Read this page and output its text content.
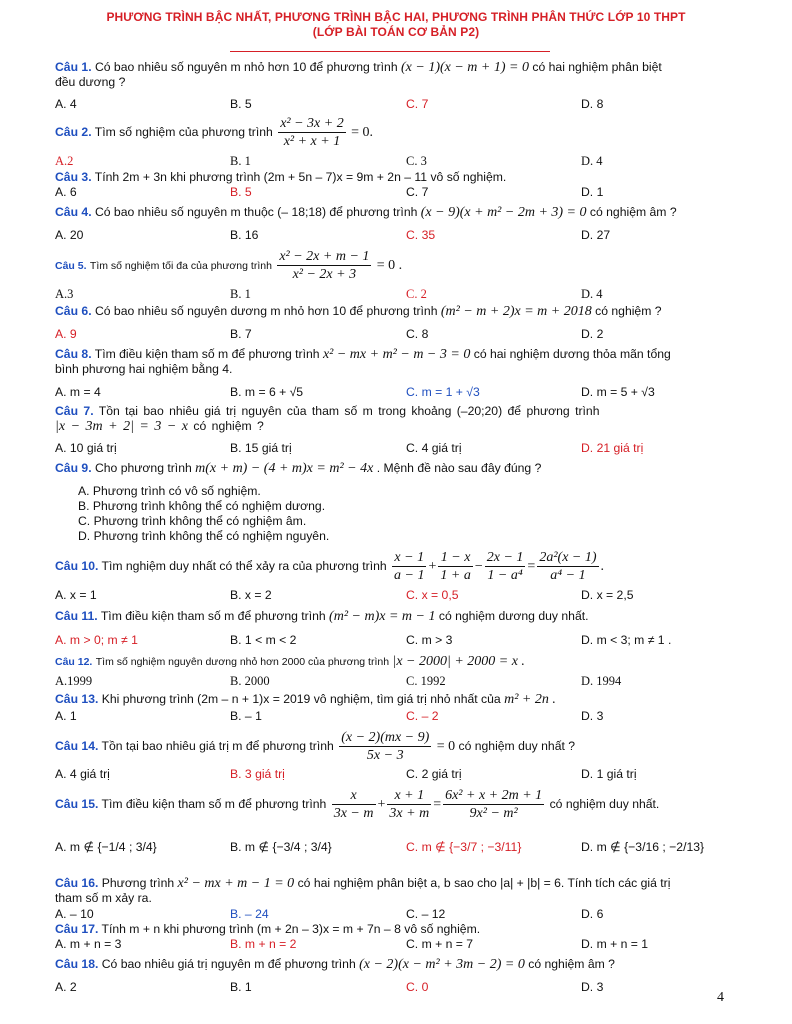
PHƯƠNG TRÌNH BẬC NHẤT, PHƯƠNG TRÌNH BẬC HAI, PHƯƠNG TRÌNH PHÂN THỨC LỚP 10 THPT
(LỚP BÀI TOÁN CƠ BẢN P2)
Câu 1. Có bao nhiêu số nguyên m nhỏ hơn 10 để phương trình (x − 1)(x − m + 1) = 0 có hai nghiệm phân biệt
đều dương ?
A. 4	B. 5	C. 7	D. 8
Câu 2. Tìm số nghiệm của phương trình $\frac{\text{x² − 3x + 2}}{\text{x² + x + 1}} = 0$.
A.2	B. 1	C. 3	D. 4
Câu 3. Tính 2m + 3n khi phương trình (2m + 5n – 7)x = 9m + 2n – 11 vô số nghiệm.
A. 6	B. 5	C. 7	D. 1
Câu 4. Có bao nhiêu số nguyên m thuộc (– 18;18) để phương trình (x − 9)(x + m² − 2m + 3) = 0 có nghiệm âm ?
A. 20	B. 16	C. 35	D. 27
Câu 5. Tìm số nghiệm tối đa của phương trình $\frac{\text{x² − 2x + m − 1}}{\text{x² − 2x + 3}} = 0$ .
A.3	B. 1	C. 2	D. 4
Câu 6. Có bao nhiêu số nguyên dương m nhỏ hơn 10 để phương trình (m² − m + 2)x = m + 2018 có nghiệm ?
A. 9	B. 7	C. 8	D. 2
Câu 8. Tìm điều kiện tham số m để phương trình x² − mx + m² − m − 3 = 0 có hai nghiệm dương thỏa mãn tổng
bình phương hai nghiệm bằng 4.
A. m = 4	B. m = 6 + √5	C. m = 1 + √3	D. m = 5 + √3
Câu 7. Tồn tại bao nhiêu giá trị nguyên của tham số m trong khoảng (–20;20) để phương trình
|x − 3m + 2| = 3 − x có nghiệm ?
A. 10 giá trị	B. 15 giá trị	C. 4 giá trị	D. 21 giá trị
Câu 9. Cho phương trình m(x + m) − (4 + m)x = m² − 4x . Mệnh đề nào sau đây đúng ?
A. Phương trình có vô số nghiệm.
B. Phương trình không thể có nghiệm dương.
C. Phương trình không thể có nghiệm âm.
D. Phương trình không thể có nghiệm nguyên.
Câu 10. Tìm nghiệm duy nhất có thể xảy ra của phương trình $\frac{x - 1}{a - 1} + \frac{1 - x}{1 + a} - \frac{2x - 1}{\text{1 − a⁴}} = \frac{\text{2a²(x − 1)}}{\text{a⁴ − 1}}$ .
A. x = 1	B. x = 2	C. x = 0,5	D. x = 2,5
Câu 11. Tìm điều kiện tham số m để phương trình (m² − m)x = m − 1 có nghiệm dương duy nhất.
A. m > 0; m ≠ 1	B. 1 < m < 2	C. m > 3	D. m < 3; m ≠ 1 .
Câu 12. Tìm số nghiệm nguyên dương nhỏ hơn 2000 của phương trình |x − 2000| + 2000 = x .
A.1999	B. 2000	C. 1992	D. 1994
Câu 13. Khi phương trình (2m – n + 1)x = 2019 vô nghiệm, tìm giá trị nhỏ nhất của m² + 2n .
A. 1	B. – 1	C. – 2	D. 3
Câu 14. Tồn tại bao nhiêu giá trị m để phương trình $\frac{(x - 2)(mx - 9)}{5x - 3} = 0$ có nghiệm duy nhất ?
A. 4 giá trị	B. 3 giá trị	C. 2 giá trị	D. 1 giá trị
Câu 15. Tìm điều kiện tham số m để phương trình $\frac{x}{3x - m} + \frac{x + 1}{3x + m} = \frac{\text{6x² + x + 2m + 1}}{\text{9x² − m²}}$ có nghiệm duy nhất.
A. m ∉ {−1/4 ; 3/4}	B. m ∉ {−3/4 ; 3/4}	C. m ∉ {−3/7 ; −3/11}	D. m ∉ {−3/16 ; −2/13}
Câu 16. Phương trình x² − mx + m − 1 = 0 có hai nghiệm phân biệt a, b sao cho |a| + |b| = 6. Tính tích các giá trị
tham số m xảy ra.
A. – 10	B. – 24	C. – 12	D. 6
Câu 17. Tính m + n khi phương trình (m + 2n – 3)x = m + 7n – 8 vô số nghiệm.
A. m + n = 3	B. m + n = 2	C. m + n = 7	D. m + n = 1
Câu 18. Có bao nhiêu giá trị nguyên m để phương trình (x − 2)(x − m² + 3m − 2) = 0 có nghiệm âm ?
A. 2	B. 1	C. 0	D. 3
4
